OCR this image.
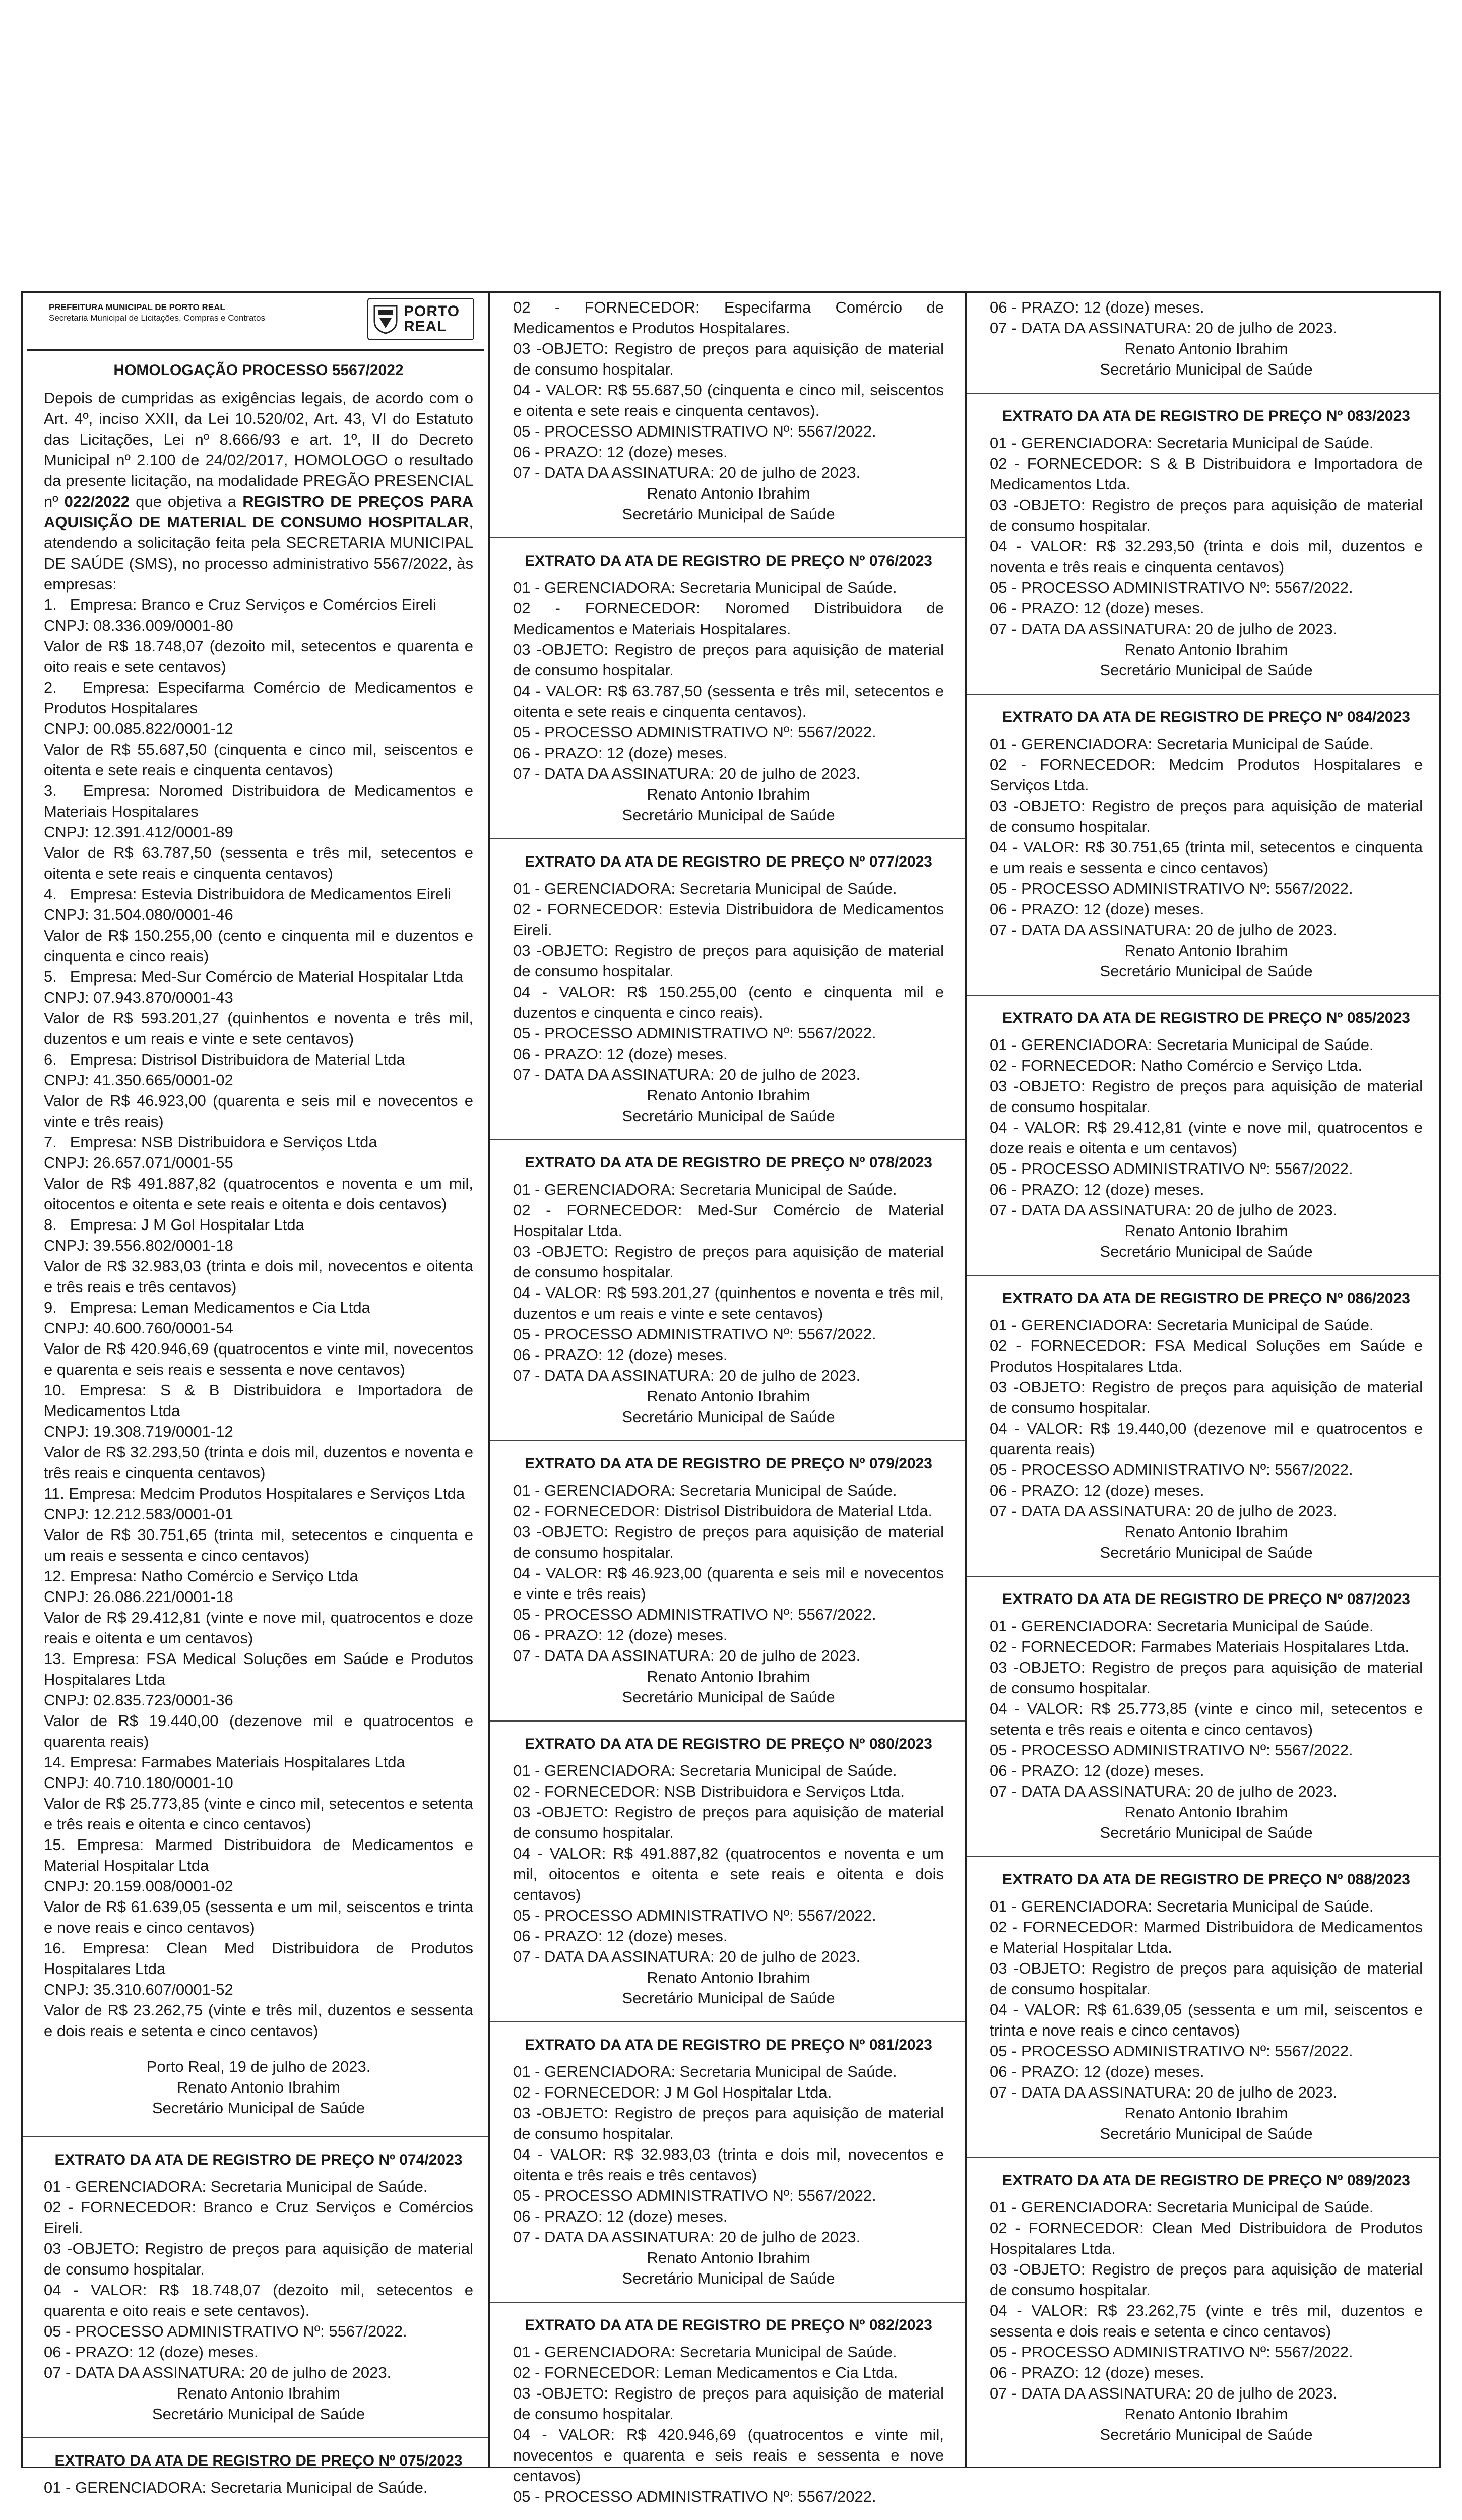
PREFEITURA MUNICIPAL DE PORTO REAL
Secretaria Municipal de Licitações, Compras e Contratos	PORTO
REAL
HOMOLOGAÇÃO PROCESSO 5567/2022
Depois de cumpridas as exigências legais, de acordo com o Art. 4º, inciso XXII, da Lei 10.520/02, Art. 43, VI do Estatuto das Licitações, Lei nº 8.666/93 e art. 1º, II do Decreto Municipal nº 2.100 de 24/02/2017, HOMOLOGO o resultado da presente licitação, na modalidade PREGÃO PRESENCIAL nº 022/2022 que objetiva a REGISTRO DE PREÇOS PARA AQUISIÇÃO DE MATERIAL DE CONSUMO HOSPITALAR, atendendo a solicitação feita pela SECRETARIA MUNICIPAL DE SAÚDE (SMS), no processo administrativo 5567/2022, às empresas:
1.   Empresa: Branco e Cruz Serviços e Comércios Eireli
CNPJ: 08.336.009/0001-80
Valor de R$ 18.748,07 (dezoito mil, setecentos e quarenta e oito reais e sete centavos)
2.   Empresa: Especifarma Comércio de Medicamentos e Produtos Hospitalares
CNPJ: 00.085.822/0001-12
Valor de R$ 55.687,50 (cinquenta e cinco mil, seiscentos e oitenta e sete reais e cinquenta centavos)
3.   Empresa: Noromed Distribuidora de Medicamentos e Materiais Hospitalares
CNPJ: 12.391.412/0001-89
Valor de R$ 63.787,50 (sessenta e três mil, setecentos e oitenta e sete reais e cinquenta centavos)
4.   Empresa: Estevia Distribuidora de Medicamentos Eireli
CNPJ: 31.504.080/0001-46
Valor de R$ 150.255,00 (cento e cinquenta mil e duzentos e cinquenta e cinco reais)
5.   Empresa: Med-Sur Comércio de Material Hospitalar Ltda
CNPJ: 07.943.870/0001-43
Valor de R$ 593.201,27 (quinhentos e noventa e três mil, duzentos e um reais e vinte e sete centavos)
6.   Empresa: Distrisol Distribuidora de Material Ltda
CNPJ: 41.350.665/0001-02
Valor de R$ 46.923,00 (quarenta e seis mil e novecentos e vinte e três reais)
7.   Empresa: NSB Distribuidora e Serviços Ltda
CNPJ: 26.657.071/0001-55
Valor de R$ 491.887,82 (quatrocentos e noventa e um mil, oitocentos e oitenta e sete reais e oitenta e dois centavos)
8.   Empresa: J M Gol Hospitalar Ltda
CNPJ: 39.556.802/0001-18
Valor de R$ 32.983,03 (trinta e dois mil, novecentos e oitenta e três reais e três centavos)
9.   Empresa: Leman Medicamentos e Cia Ltda
CNPJ: 40.600.760/0001-54
Valor de R$ 420.946,69 (quatrocentos e vinte mil, novecentos e quarenta e seis reais e sessenta e nove centavos)
10. Empresa: S & B Distribuidora e Importadora de Medicamentos Ltda
CNPJ: 19.308.719/0001-12
Valor de R$ 32.293,50 (trinta e dois mil, duzentos e noventa e três reais e cinquenta centavos)
11. Empresa: Medcim Produtos Hospitalares e Serviços Ltda
CNPJ: 12.212.583/0001-01
Valor de R$ 30.751,65 (trinta mil, setecentos e cinquenta e um reais e sessenta e cinco centavos)
12. Empresa: Natho Comércio e Serviço Ltda
CNPJ: 26.086.221/0001-18
Valor de R$ 29.412,81 (vinte e nove mil, quatrocentos e doze reais e oitenta e um centavos)
13. Empresa: FSA Medical Soluções em Saúde e Produtos Hospitalares Ltda
CNPJ: 02.835.723/0001-36
Valor de R$ 19.440,00 (dezenove mil e quatrocentos e quarenta reais)
14. Empresa: Farmabes Materiais Hospitalares Ltda
CNPJ: 40.710.180/0001-10
Valor de R$ 25.773,85 (vinte e cinco mil, setecentos e setenta e três reais e oitenta e cinco centavos)
15. Empresa: Marmed Distribuidora de Medicamentos e Material Hospitalar Ltda
CNPJ: 20.159.008/0001-02
Valor de R$ 61.639,05 (sessenta e um mil, seiscentos e trinta e nove reais e cinco centavos)
16. Empresa: Clean Med Distribuidora de Produtos Hospitalares Ltda
CNPJ: 35.310.607/0001-52
Valor de R$ 23.262,75 (vinte e três mil, duzentos e sessenta e dois reais e setenta e cinco centavos)
Porto Real, 19 de julho de 2023.
Renato Antonio Ibrahim
Secretário Municipal de Saúde
EXTRATO DA ATA DE REGISTRO DE PREÇO Nº 074/2023
01 - GERENCIADORA: Secretaria Municipal de Saúde.
02 - FORNECEDOR: Branco e Cruz Serviços e Comércios Eireli.
03 -OBJETO: Registro de preços para aquisição de material de consumo hospitalar.
04 - VALOR: R$ 18.748,07 (dezoito mil, setecentos e quarenta e oito reais e sete centavos).
05 - PROCESSO ADMINISTRATIVO Nº: 5567/2022.
06 - PRAZO: 12 (doze) meses.
07 - DATA DA ASSINATURA: 20 de julho de 2023.
Renato Antonio Ibrahim
Secretário Municipal de Saúde
EXTRATO DA ATA DE REGISTRO DE PREÇO Nº 075/2023
01 - GERENCIADORA: Secretaria Municipal de Saúde.
02 - FORNECEDOR: Especifarma Comércio de Medicamentos e Produtos Hospitalares.
03 -OBJETO: Registro de preços para aquisição de material de consumo hospitalar.
04 - VALOR: R$ 55.687,50 (cinquenta e cinco mil, seiscentos e oitenta e sete reais e cinquenta centavos).
05 - PROCESSO ADMINISTRATIVO Nº: 5567/2022.
06 - PRAZO: 12 (doze) meses.
07 - DATA DA ASSINATURA: 20 de julho de 2023.
Renato Antonio Ibrahim
Secretário Municipal de Saúde
EXTRATO DA ATA DE REGISTRO DE PREÇO Nº 076/2023
01 - GERENCIADORA: Secretaria Municipal de Saúde.
02 - FORNECEDOR: Noromed Distribuidora de Medicamentos e Materiais Hospitalares.
03 -OBJETO: Registro de preços para aquisição de material de consumo hospitalar.
04 - VALOR: R$ 63.787,50 (sessenta e três mil, setecentos e oitenta e sete reais e cinquenta centavos).
05 - PROCESSO ADMINISTRATIVO Nº: 5567/2022.
06 - PRAZO: 12 (doze) meses.
07 - DATA DA ASSINATURA: 20 de julho de 2023.
Renato Antonio Ibrahim
Secretário Municipal de Saúde
EXTRATO DA ATA DE REGISTRO DE PREÇO Nº 077/2023
01 - GERENCIADORA: Secretaria Municipal de Saúde.
02 - FORNECEDOR: Estevia Distribuidora de Medicamentos Eireli.
03 -OBJETO: Registro de preços para aquisição de material de consumo hospitalar.
04 - VALOR: R$ 150.255,00 (cento e cinquenta mil e duzentos e cinquenta e cinco reais).
05 - PROCESSO ADMINISTRATIVO Nº: 5567/2022.
06 - PRAZO: 12 (doze) meses.
07 - DATA DA ASSINATURA: 20 de julho de 2023.
Renato Antonio Ibrahim
Secretário Municipal de Saúde
EXTRATO DA ATA DE REGISTRO DE PREÇO Nº 078/2023
01 - GERENCIADORA: Secretaria Municipal de Saúde.
02 - FORNECEDOR: Med-Sur Comércio de Material Hospitalar Ltda.
03 -OBJETO: Registro de preços para aquisição de material de consumo hospitalar.
04 - VALOR: R$ 593.201,27 (quinhentos e noventa e três mil, duzentos e um reais e vinte e sete centavos)
05 - PROCESSO ADMINISTRATIVO Nº: 5567/2022.
06 - PRAZO: 12 (doze) meses.
07 - DATA DA ASSINATURA: 20 de julho de 2023.
Renato Antonio Ibrahim
Secretário Municipal de Saúde
EXTRATO DA ATA DE REGISTRO DE PREÇO Nº 079/2023
01 - GERENCIADORA: Secretaria Municipal de Saúde.
02 - FORNECEDOR: Distrisol Distribuidora de Material Ltda.
03 -OBJETO: Registro de preços para aquisição de material de consumo hospitalar.
04 - VALOR: R$ 46.923,00 (quarenta e seis mil e novecentos e vinte e três reais)
05 - PROCESSO ADMINISTRATIVO Nº: 5567/2022.
06 - PRAZO: 12 (doze) meses.
07 - DATA DA ASSINATURA: 20 de julho de 2023.
Renato Antonio Ibrahim
Secretário Municipal de Saúde
EXTRATO DA ATA DE REGISTRO DE PREÇO Nº 080/2023
01 - GERENCIADORA: Secretaria Municipal de Saúde.
02 - FORNECEDOR: NSB Distribuidora e Serviços Ltda.
03 -OBJETO: Registro de preços para aquisição de material de consumo hospitalar.
04 - VALOR: R$ 491.887,82 (quatrocentos e noventa e um mil, oitocentos e oitenta e sete reais e oitenta e dois centavos)
05 - PROCESSO ADMINISTRATIVO Nº: 5567/2022.
06 - PRAZO: 12 (doze) meses.
07 - DATA DA ASSINATURA: 20 de julho de 2023.
Renato Antonio Ibrahim
Secretário Municipal de Saúde
EXTRATO DA ATA DE REGISTRO DE PREÇO Nº 081/2023
01 - GERENCIADORA: Secretaria Municipal de Saúde.
02 - FORNECEDOR: J M Gol Hospitalar Ltda.
03 -OBJETO: Registro de preços para aquisição de material de consumo hospitalar.
04 - VALOR: R$ 32.983,03 (trinta e dois mil, novecentos e oitenta e três reais e três centavos)
05 - PROCESSO ADMINISTRATIVO Nº: 5567/2022.
06 - PRAZO: 12 (doze) meses.
07 - DATA DA ASSINATURA: 20 de julho de 2023.
Renato Antonio Ibrahim
Secretário Municipal de Saúde
EXTRATO DA ATA DE REGISTRO DE PREÇO Nº 082/2023
01 - GERENCIADORA: Secretaria Municipal de Saúde.
02 - FORNECEDOR: Leman Medicamentos e Cia Ltda.
03 -OBJETO: Registro de preços para aquisição de material de consumo hospitalar.
04 - VALOR: R$ 420.946,69 (quatrocentos e vinte mil, novecentos e quarenta e seis reais e sessenta e nove centavos)
05 - PROCESSO ADMINISTRATIVO Nº: 5567/2022.
06 - PRAZO: 12 (doze) meses.
07 - DATA DA ASSINATURA: 20 de julho de 2023.
Renato Antonio Ibrahim
Secretário Municipal de Saúde
EXTRATO DA ATA DE REGISTRO DE PREÇO Nº 083/2023
01 - GERENCIADORA: Secretaria Municipal de Saúde.
02 - FORNECEDOR: S & B Distribuidora e Importadora de Medicamentos Ltda.
03 -OBJETO: Registro de preços para aquisição de material de consumo hospitalar.
04 - VALOR: R$ 32.293,50 (trinta e dois mil, duzentos e noventa e três reais e cinquenta centavos)
05 - PROCESSO ADMINISTRATIVO Nº: 5567/2022.
06 - PRAZO: 12 (doze) meses.
07 - DATA DA ASSINATURA: 20 de julho de 2023.
Renato Antonio Ibrahim
Secretário Municipal de Saúde
EXTRATO DA ATA DE REGISTRO DE PREÇO Nº 084/2023
01 - GERENCIADORA: Secretaria Municipal de Saúde.
02 - FORNECEDOR: Medcim Produtos Hospitalares e Serviços Ltda.
03 -OBJETO: Registro de preços para aquisição de material de consumo hospitalar.
04 - VALOR: R$ 30.751,65 (trinta mil, setecentos e cinquenta e um reais e sessenta e cinco centavos)
05 - PROCESSO ADMINISTRATIVO Nº: 5567/2022.
06 - PRAZO: 12 (doze) meses.
07 - DATA DA ASSINATURA: 20 de julho de 2023.
Renato Antonio Ibrahim
Secretário Municipal de Saúde
EXTRATO DA ATA DE REGISTRO DE PREÇO Nº 085/2023
01 - GERENCIADORA: Secretaria Municipal de Saúde.
02 - FORNECEDOR: Natho Comércio e Serviço Ltda.
03 -OBJETO: Registro de preços para aquisição de material de consumo hospitalar.
04 - VALOR: R$ 29.412,81 (vinte e nove mil, quatrocentos e doze reais e oitenta e um centavos)
05 - PROCESSO ADMINISTRATIVO Nº: 5567/2022.
06 - PRAZO: 12 (doze) meses.
07 - DATA DA ASSINATURA: 20 de julho de 2023.
Renato Antonio Ibrahim
Secretário Municipal de Saúde
EXTRATO DA ATA DE REGISTRO DE PREÇO Nº 086/2023
01 - GERENCIADORA: Secretaria Municipal de Saúde.
02 - FORNECEDOR: FSA Medical Soluções em Saúde e Produtos Hospitalares Ltda.
03 -OBJETO: Registro de preços para aquisição de material de consumo hospitalar.
04 - VALOR: R$ 19.440,00 (dezenove mil e quatrocentos e quarenta reais)
05 - PROCESSO ADMINISTRATIVO Nº: 5567/2022.
06 - PRAZO: 12 (doze) meses.
07 - DATA DA ASSINATURA: 20 de julho de 2023.
Renato Antonio Ibrahim
Secretário Municipal de Saúde
EXTRATO DA ATA DE REGISTRO DE PREÇO Nº 087/2023
01 - GERENCIADORA: Secretaria Municipal de Saúde.
02 - FORNECEDOR: Farmabes Materiais Hospitalares Ltda.
03 -OBJETO: Registro de preços para aquisição de material de consumo hospitalar.
04 - VALOR: R$ 25.773,85 (vinte e cinco mil, setecentos e setenta e três reais e oitenta e cinco centavos)
05 - PROCESSO ADMINISTRATIVO Nº: 5567/2022.
06 - PRAZO: 12 (doze) meses.
07 - DATA DA ASSINATURA: 20 de julho de 2023.
Renato Antonio Ibrahim
Secretário Municipal de Saúde
EXTRATO DA ATA DE REGISTRO DE PREÇO Nº 088/2023
01 - GERENCIADORA: Secretaria Municipal de Saúde.
02 - FORNECEDOR: Marmed Distribuidora de Medicamentos e Material Hospitalar Ltda.
03 -OBJETO: Registro de preços para aquisição de material de consumo hospitalar.
04 - VALOR: R$ 61.639,05 (sessenta e um mil, seiscentos e trinta e nove reais e cinco centavos)
05 - PROCESSO ADMINISTRATIVO Nº: 5567/2022.
06 - PRAZO: 12 (doze) meses.
07 - DATA DA ASSINATURA: 20 de julho de 2023.
Renato Antonio Ibrahim
Secretário Municipal de Saúde
EXTRATO DA ATA DE REGISTRO DE PREÇO Nº 089/2023
01 - GERENCIADORA: Secretaria Municipal de Saúde.
02 - FORNECEDOR: Clean Med Distribuidora de Produtos Hospitalares Ltda.
03 -OBJETO: Registro de preços para aquisição de material de consumo hospitalar.
04 - VALOR: R$ 23.262,75 (vinte e três mil, duzentos e sessenta e dois reais e setenta e cinco centavos)
05 - PROCESSO ADMINISTRATIVO Nº: 5567/2022.
06 - PRAZO: 12 (doze) meses.
07 - DATA DA ASSINATURA: 20 de julho de 2023.
Renato Antonio Ibrahim
Secretário Municipal de Saúde
